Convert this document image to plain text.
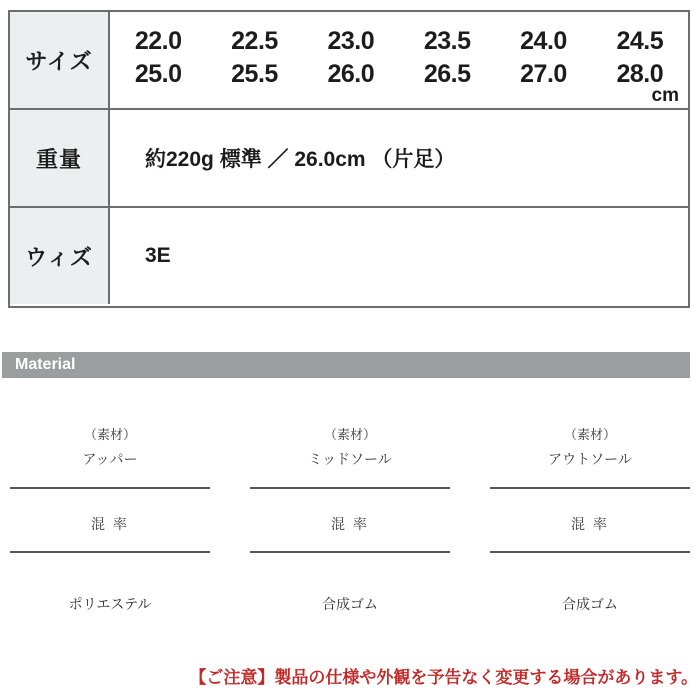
サイズ
22.0	22.5	23.0	23.5	24.0	24.5
25.0	25.5	26.0	26.5	27.0	28.0
cm
重量	約220g 標準 ／ 26.0cm （片足）
ウィズ	3E
Material
（素材）
アッパー
混 率
ポリエステル
（素材）
ミッドソール
混 率
合成ゴム
（素材）
アウトソール
混 率
合成ゴム
【ご注意】製品の仕様や外観を予告なく変更する場合があります。
